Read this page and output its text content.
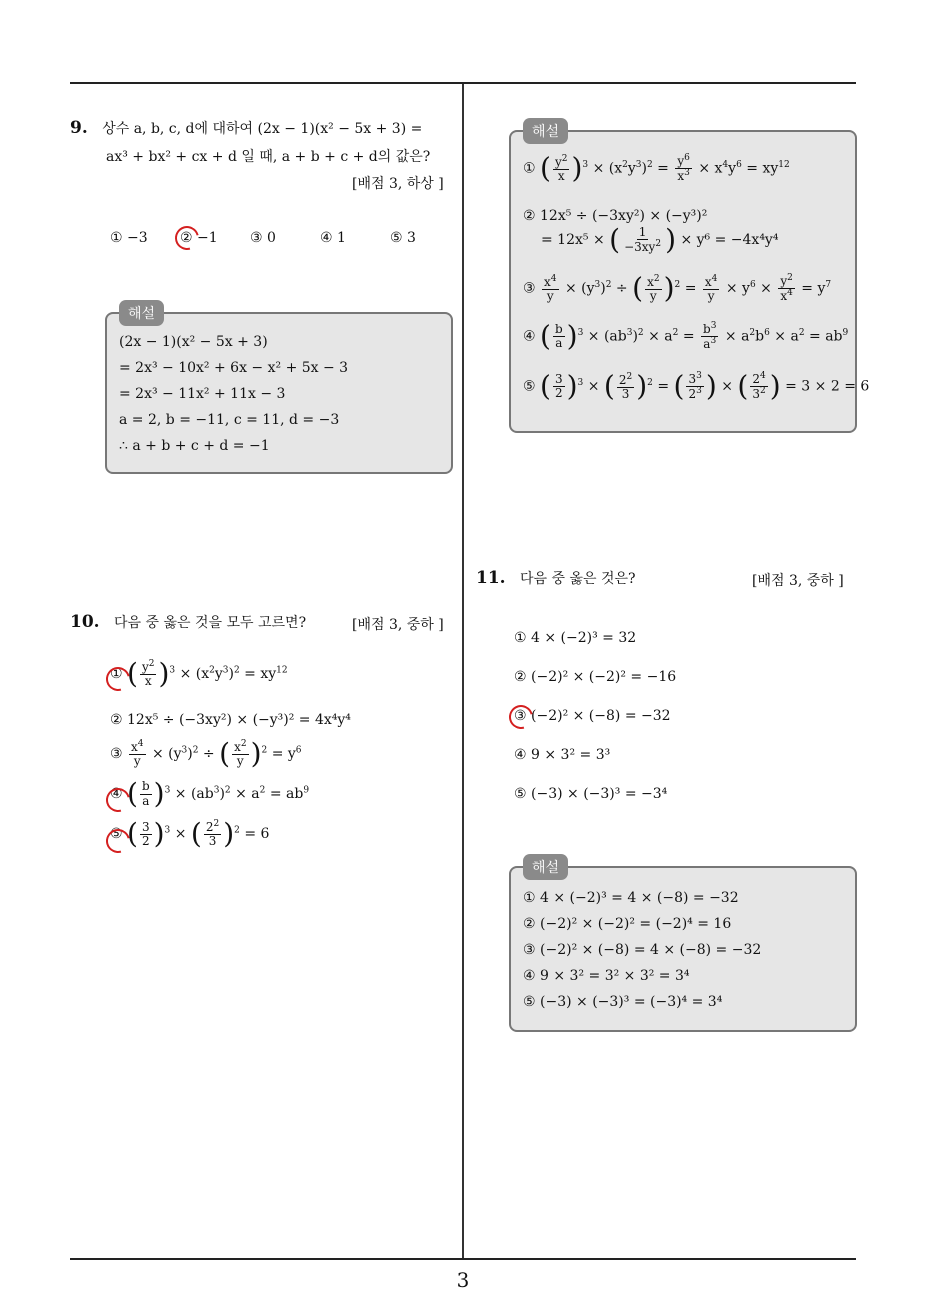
9. 상수 a, b, c, d에 대하여 (2x − 1)(x² − 5x + 3) =
ax³ + bx² + cx + d 일 때, a + b + c + d의 값은?
[배점 3, 하상 ]
① −3 ② −1 ③ 0	④ 1	⑤ 3
해설
(2x − 1)(x² − 5x + 3)
= 2x³ − 10x² + 6x − x² + 5x − 3
= 2x³ − 11x² + 11x − 3
a = 2, b = −11, c = 11, d = −3
∴ a + b + c + d = −1
10. 다음 중 옳은 것을 모두 고르면?	[배점 3, 중하 ]
① ( $\frac{y^2}{x} )^3 \times (x^2y^3)^2 = xy^{12}$
② 12x⁵ ÷ (−3xy²) × (−y³)² = 4x⁴y⁴
③ $\frac{x^4}{y} \times (y^3)^2$ ÷ ( $\frac{x^2}{y} )^2 = y^6$
④ ( $\frac{b}{a} )^3 \times (ab^3)^2 \times a^2 = ab^9$
⑤ ( $\frac{3}{2} )^3$ × ( $\frac{2^2}{3} )^2 = 6$
해설
① ( $\frac{y^2}{x} )^3 \times (x^2y^3)^2 = \frac{y^6}{x^3} \times x^4y^6 = xy^{12}$
② 12x⁵ ÷ (−3xy²) × (−y³)²
= 12x⁵ × ( $\frac{1}{-3xy^2}$ ) × y⁶ = −4x⁴y⁴
③ $\frac{x^4}{y} \times (y^3)^2$ ÷ ( $\frac{x^2}{y} )^2 = \frac{x^4}{y} \times y^6 \times \frac{y^2}{x^4} = y^7$
④ ( $\frac{b}{a} )^3 \times (ab^3)^2 \times a^2 = \frac{b^3}{a^3} \times a^2b^6 \times a^2 = ab^9$
⑤ ( $\frac{3}{2} )^3$ × ( $\frac{2^2}{3} )^2$ = ( $\frac{3^3}{2^3}$ ) × ( $\frac{2^4}{3^2}$ ) = 3 × 2 = 6
11. 다음 중 옳은 것은?	[배점 3, 중하 ]
① 4 × (−2)³ = 32
② (−2)² × (−2)² = −16
③ (−2)² × (−8) = −32
④ 9 × 3² = 3³
⑤ (−3) × (−3)³ = −3⁴
해설
① 4 × (−2)³ = 4 × (−8) = −32
② (−2)² × (−2)² = (−2)⁴ = 16
③ (−2)² × (−8) = 4 × (−8) = −32
④ 9 × 3² = 3² × 3² = 3⁴
⑤ (−3) × (−3)³ = (−3)⁴ = 3⁴
3
